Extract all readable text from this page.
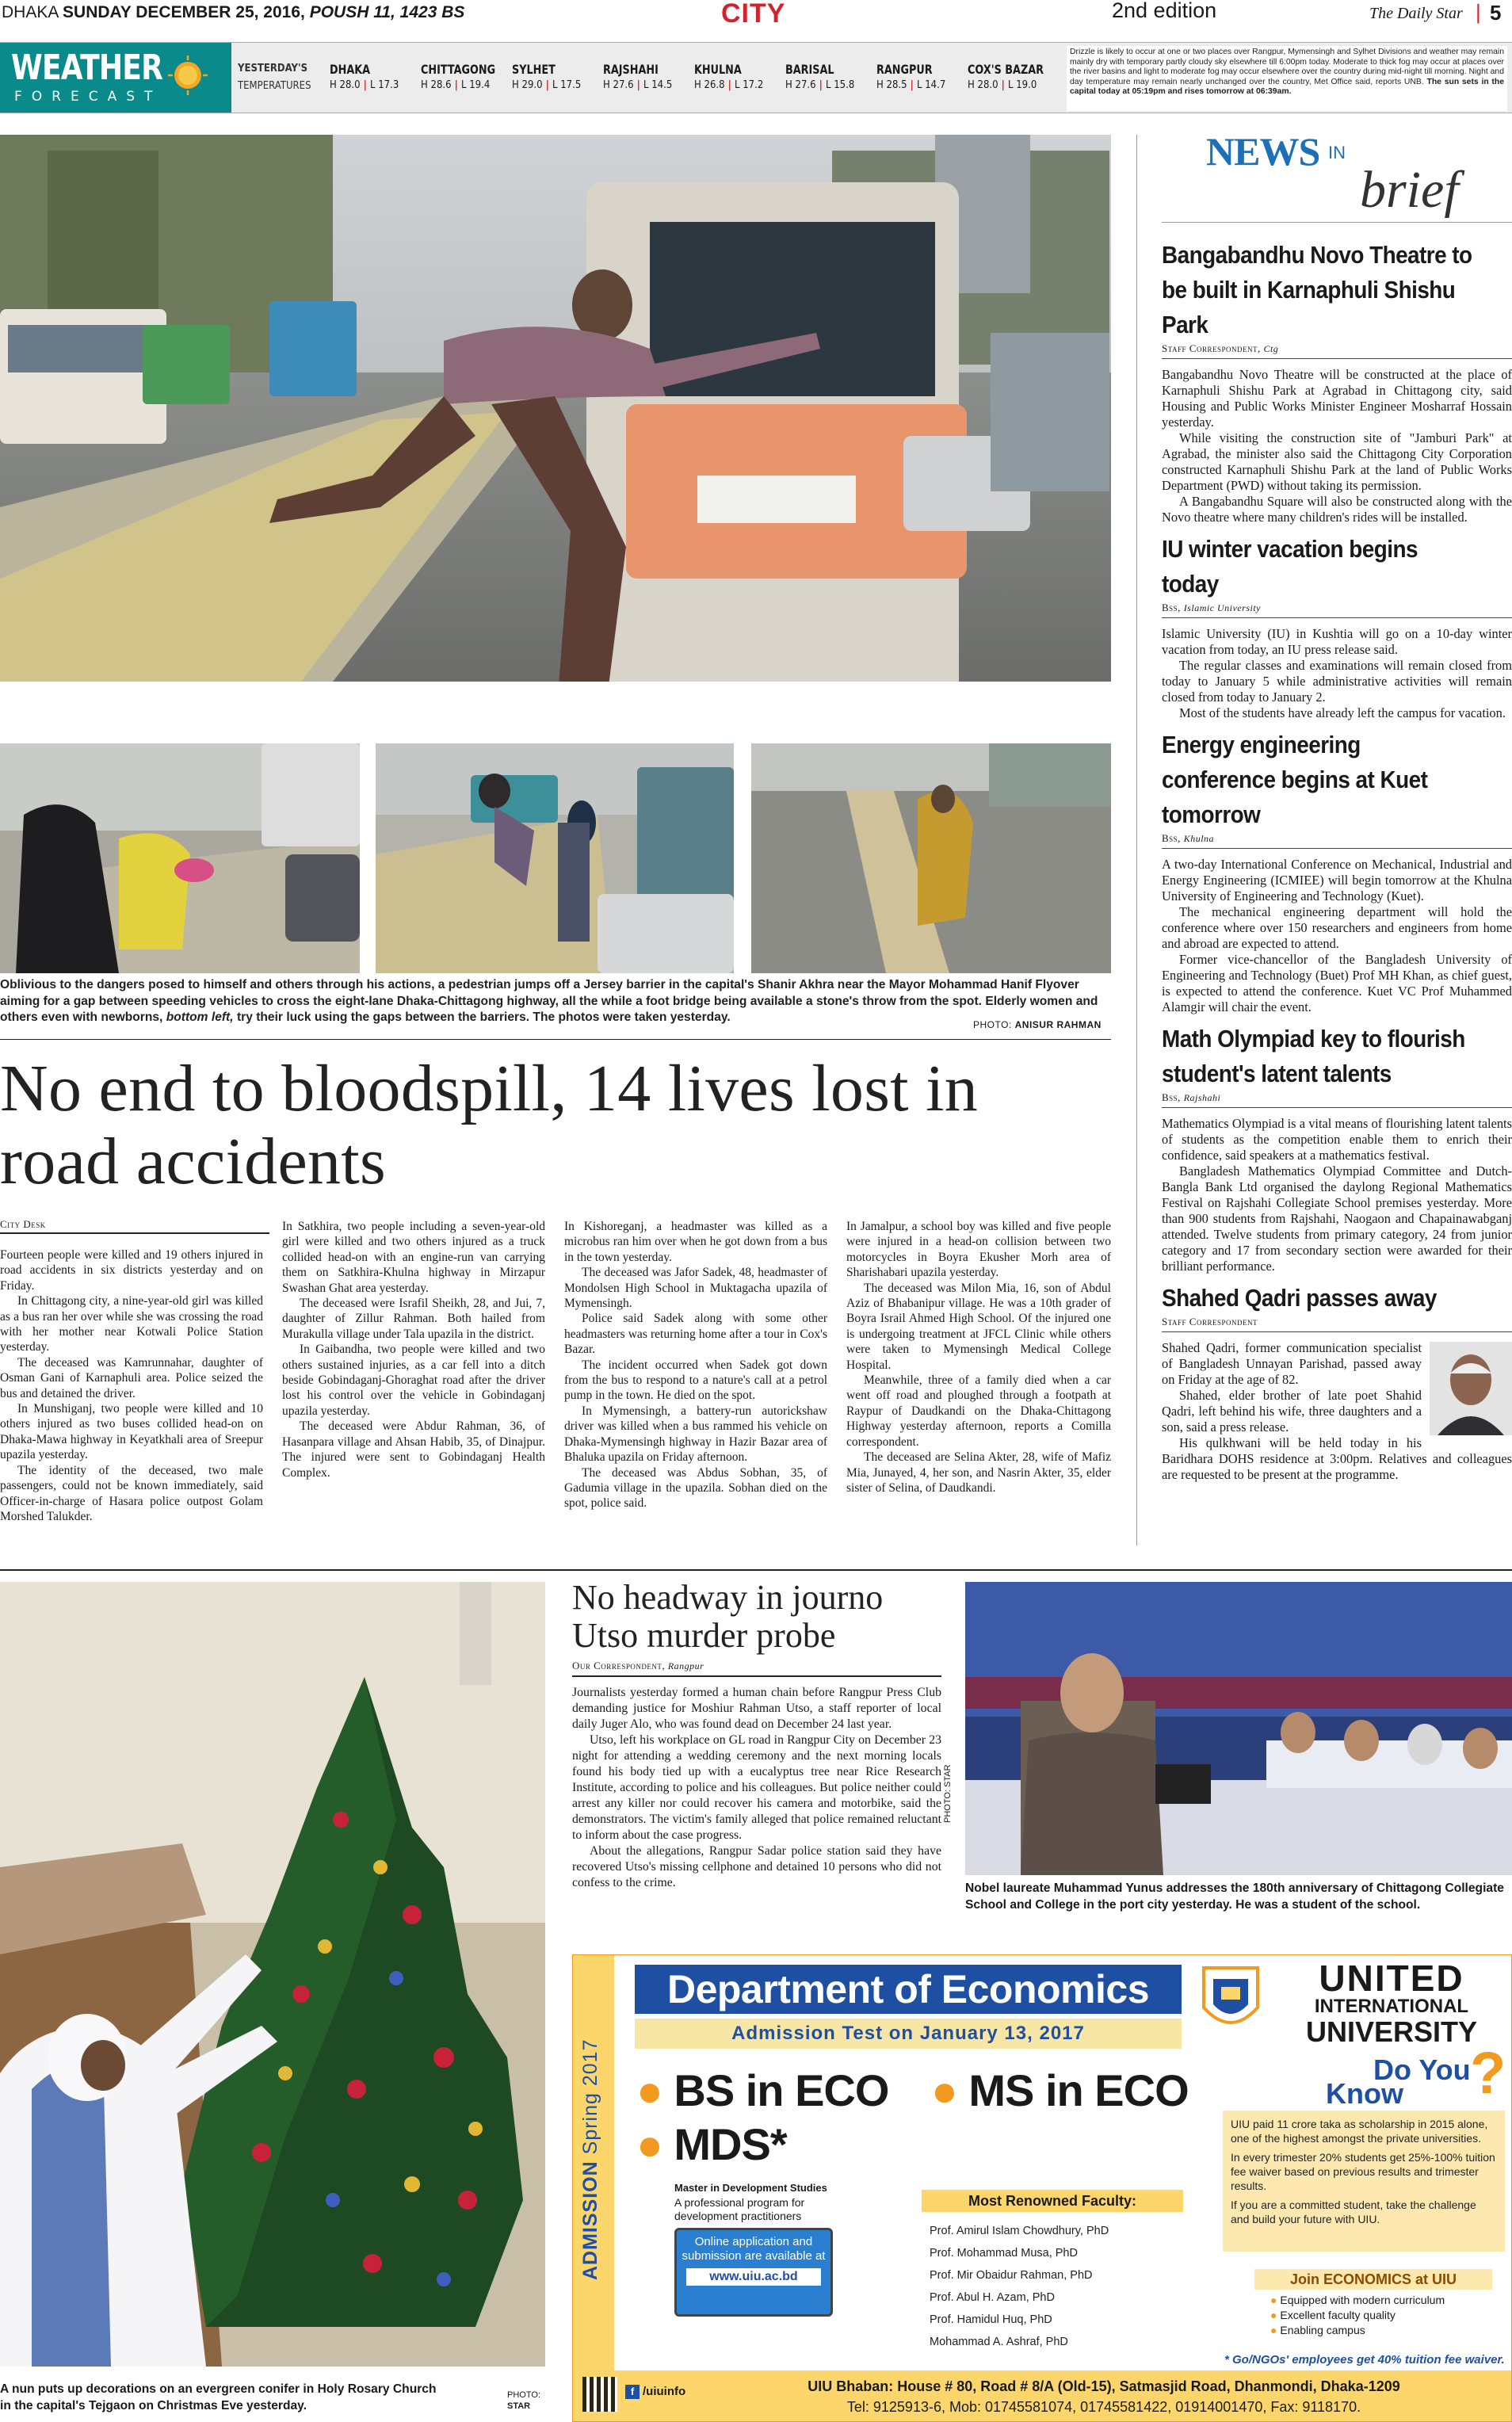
DHAKA SUNDAY DECEMBER 25, 2016, POUSH 11, 1423 BS	CITY	2nd edition	The Daily Star | 5
WEATHER
FORECAST
YESTERDAY'S
TEMPERATURES
DHAKA
H 28.0 | L 17.3
CHITTAGONG
H 28.6 | L 19.4
SYLHET
H 29.0 | L 17.5
RAJSHAHI
H 27.6 | L 14.5
KHULNA
H 26.8 | L 17.2
BARISAL
H 27.6 | L 15.8
RANGPUR
H 28.5 | L 14.7
COX'S BAZAR
H 28.0 | L 19.0
Drizzle is likely to occur at one or two places over Rangpur, Mymensingh and Sylhet Divisions and weather may remain mainly dry with temporary partly cloudy sky elsewhere till 6:00pm today. Moderate to thick fog may occur at places over the river basins and light to moderate fog may occur elsewhere over the country during mid-night till morning. Night and day temperature may remain nearly unchanged over the country, Met Office said, reports UNB. The sun sets in the capital today at 05:19pm and rises tomorrow at 06:39am.
Oblivious to the dangers posed to himself and others through his actions, a pedestrian jumps off a Jersey barrier in the capital's Shanir Akhra near the Mayor Mohammad Hanif Flyover aiming for a gap between speeding vehicles to cross the eight-lane Dhaka-Chittagong highway, all the while a foot bridge being available a stone's throw from the spot. Elderly women and others even with newborns, bottom left, try their luck using the gaps between the barriers. The photos were taken yesterday.
PHOTO: ANISUR RAHMAN
No end to bloodspill, 14 lives lost in road accidents
City Desk

Fourteen people were killed and 19 others injured in road accidents in six districts yesterday and on Friday.

In Chittagong city, a nine-year-old girl was killed as a bus ran her over while she was crossing the road with her mother near Kotwali Police Station yesterday.

The deceased was Kamrunnahar, daughter of Osman Gani of Karnaphuli area. Police seized the bus and detained the driver.

In Munshiganj, two people were killed and 10 others injured as two buses collided head-on on Dhaka-Mawa highway in Keyatkhali area of Sreepur upazila yesterday.

The identity of the deceased, two male passengers, could not be known immediately, said Officer-in-charge of Hasara police outpost Golam Morshed Talukder.

In Satkhira, two people including a seven-year-old girl were killed and two others injured as a truck collided head-on with an engine-run van carrying them on Satkhira-Khulna highway in Mirzapur Swashan Ghat area yesterday.

The deceased were Israfil Sheikh, 28, and Jui, 7, daughter of Zillur Rahman. Both hailed from Murakulla village under Tala upazila in the district.

In Gaibandha, two people were killed and two others sustained injuries, as a car fell into a ditch beside Gobindaganj-Ghoraghat road after the driver lost his control over the vehicle in Gobindaganj upazila yesterday.

The deceased were Abdur Rahman, 36, of Hasanpara village and Ahsan Habib, 35, of Dinajpur. The injured were sent to Gobindaganj Health Complex.

In Kishoreganj, a headmaster was killed as a microbus ran him over when he got down from a bus in the town yesterday.

The deceased was Jafor Sadek, 48, headmaster of Mondolsen High School in Muktagacha upazila of Mymensingh.

Police said Sadek along with some other headmasters was returning home after a tour in Cox's Bazar.

The incident occurred when Sadek got down from the bus to respond to a nature's call at a petrol pump in the town. He died on the spot.

In Mymensingh, a battery-run autorickshaw driver was killed when a bus rammed his vehicle on Dhaka-Mymensingh highway in Hazir Bazar area of Bhaluka upazila on Friday afternoon.

The deceased was Abdus Sobhan, 35, of Gadumia village in the upazila. Sobhan died on the spot, police said.

In Jamalpur, a school boy was killed and five people were injured in a head-on collision between two motorcycles in Boyra Ekusher Morh area of Sharishabari upazila yesterday.

The deceased was Milon Mia, 16, son of Abdul Aziz of Bhabanipur village. He was a 10th grader of Boyra Israil Ahmed High School. Of the injured one is undergoing treatment at JFCL Clinic while others were taken to Mymensingh Medical College Hospital.

Meanwhile, three of a family died when a car went off road and ploughed through a footpath at Raypur of Daudkandi on the Dhaka-Chittagong Highway yesterday afternoon, reports a Comilla correspondent.

The deceased are Selina Akter, 28, wife of Mafiz Mia, Junayed, 4, her son, and Nasrin Akter, 35, elder sister of Selina, of Daudkandi.

NEWS IN
brief
Bangabandhu Novo Theatre to be built in Karnaphuli Shishu Park
Staff Correspondent, Ctg

Bangabandhu Novo Theatre will be constructed at the place of Karnaphuli Shishu Park at Agrabad in Chittagong city, said Housing and Public Works Minister Engineer Mosharraf Hossain yesterday.

While visiting the construction site of "Jamburi Park" at Agrabad, the minister also said the Chittagong City Corporation constructed Karnaphuli Shishu Park at the land of Public Works Department (PWD) without taking its permission.

A Bangabandhu Square will also be constructed along with the Novo theatre where many children's rides will be installed.

IU winter vacation begins today
Bss, Islamic University

Islamic University (IU) in Kushtia will go on a 10-day winter vacation from today, an IU press release said.

The regular classes and examinations will remain closed from today to January 5 while administrative activities will remain closed from today to January 2.

Most of the students have already left the campus for vacation.

Energy engineering conference begins at Kuet tomorrow
Bss, Khulna

A two-day International Conference on Mechanical, Industrial and Energy Engineering (ICMIEE) will begin tomorrow at the Khulna University of Engineering and Technology (Kuet).

The mechanical engineering department will hold the conference where over 150 researchers and engineers from home and abroad are expected to attend.

Former vice-chancellor of the Bangladesh University of Engineering and Technology (Buet) Prof MH Khan, as chief guest, is expected to attend the conference. Kuet VC Prof Muhammed Alamgir will chair the event.

Math Olympiad key to flourish student's latent talents
Bss, Rajshahi

Mathematics Olympiad is a vital means of flourishing latent talents of students as the competition enable them to enrich their confidence, said speakers at a mathematics festival.

Bangladesh Mathematics Olympiad Committee and Dutch-Bangla Bank Ltd organised the daylong Regional Mathematics Festival on Rajshahi Collegiate School premises yesterday. More than 900 students from Rajshahi, Naogaon and Chapainawabganj attended. Twelve students from primary category, 24 from junior category and 17 from secondary section were awarded for their brilliant performance.

Shahed Qadri passes away
Staff Correspondent

Shahed Qadri, former communication specialist of Bangladesh Unnayan Parishad, passed away on Friday at the age of 82.

Shahed, elder brother of late poet Shahid Qadri, left behind his wife, three daughters and a son, said a press release.

His qulkhwani will be held today in his Baridhara DOHS residence at 3:00pm. Relatives and colleagues are requested to be present at the programme.

A nun puts up decorations on an evergreen conifer in Holy Rosary Church in the capital's Tejgaon on Christmas Eve yesterday.
PHOTO:
STAR
No headway in journo Utso murder probe
Our Correspondent, Rangpur

Journalists yesterday formed a human chain before Rangpur Press Club demanding justice for Moshiur Rahman Utso, a staff reporter of local daily Juger Alo, who was found dead on December 24 last year.

Utso, left his workplace on GL road in Rangpur City on December 23 night for attending a wedding ceremony and the next morning locals found his body tied up with a eucalyptus tree near Rice Research Institute, according to police and his colleagues. But police neither could arrest any killer nor could recover his camera and motorbike, said the demonstrators. The victim's family alleged that police remained reluctant to inform about the case progress.

About the allegations, Rangpur Sadar police station said they have recovered Utso's missing cellphone and detained 10 persons who did not confess to the crime.

PHOTO: STAR
Nobel laureate Muhammad Yunus addresses the 180th anniversary of Chittagong Collegiate School and College in the port city yesterday. He was a student of the school.
ADMISSION Spring 2017
Department of Economics
Admission Test on January 13, 2017
● BS in ECO ● MS in ECO
● MDS*
Master in Development Studies
A professional program for development practitioners
Online application and submission are available at
www.uiu.ac.bd
Most Renowned Faculty:
Prof. Amirul Islam Chowdhury, PhD
Prof. Mohammad Musa, PhD
Prof. Mir Obaidur Rahman, PhD
Prof. Abul H. Azam, PhD
Prof. Hamidul Huq, PhD
Mohammad A. Ashraf, PhD
UNITED
INTERNATIONAL
UNIVERSITY
Do You
Know ?
UIU paid 11 crore taka as scholarship in 2015 alone, one of the highest amongst the private universities.
In every trimester 20% students get 25%-100% tuition fee waiver based on previous results and trimester results.
If you are a committed student, take the challenge and build your future with UIU.
Join ECONOMICS at UIU
● Equipped with modern curriculum
● Excellent faculty quality
● Enabling campus
* Go/NGOs' employees get 40% tuition fee waiver.
f /uiuinfo	UIU Bhaban: House # 80, Road # 8/A (Old-15), Satmasjid Road, Dhanmondi, Dhaka-1209
Tel: 9125913-6, Mob: 01745581074, 01745581422, 01914001470, Fax: 9118170.
